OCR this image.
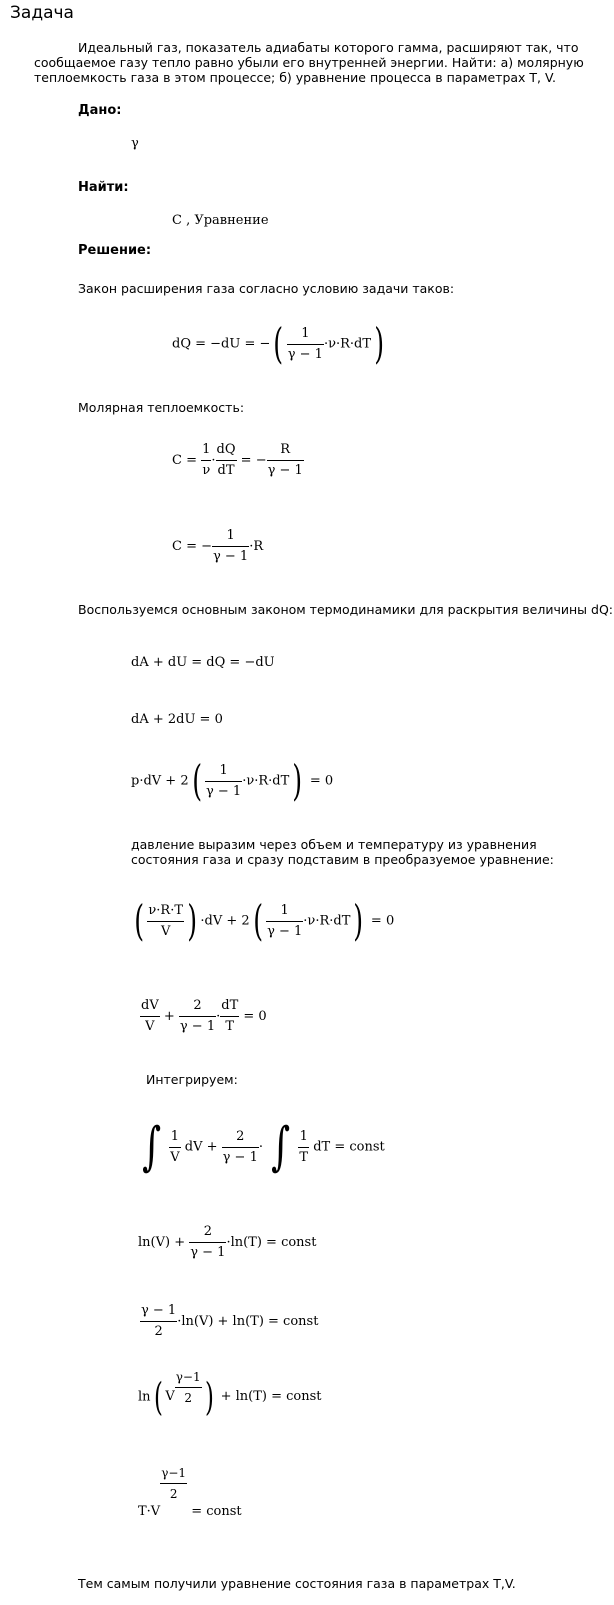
Задача
Идеальный газ, показатель адиабаты которого гамма, расширяют так, что сообщаемое газу тепло равно убыли его внутренней энергии. Найти: а) молярную теплоемкость газа в этом процессе; б) уравнение процесса в параметрах T, V.
Дано:
γ
Найти:
C , Уравнение
Решение:
Закон расширения газа согласно условию задачи таков:
dQ = −dU = −( $\frac{1}{\gamma - 1} \cdot\nu\cdot R\cdot dT$)
Молярная теплоемкость:
$C = \frac{1}{\nu} \cdot \frac{dQ}{dT}$ = − $\frac{R}{\gamma - 1}$
C = − $\frac{1}{\gamma - 1} \cdot R$
Воспользуемся основным законом термодинамики для раскрытия величины dQ:
dA + dU = dQ = −dU
dA + 2dU = 0
$p\cdot dV + 2( \frac{1}{\gamma - 1} \cdot\nu\cdot R\cdot dT) = 0$
давление выразим через объем и температуру из уравнения
состояния газа и сразу подставим в преобразуемое уравнение:
( $\frac{\nu\cdot R\cdot T}{V}$ ) $\cdot dV + 2( \frac{1}{\gamma - 1} \cdot\nu\cdot R\cdot dT) = 0$
$\frac{dV}{V} + \frac{2}{\gamma - 1} \cdot \frac{dT}{T} = 0$
Интегрируем:
∫ $\frac{1}{V}$ dV + $\frac{2}{\gamma - 1}$ · ∫ $\frac{1}{T}$ dT = const
$\ln(V) + \frac{2}{\gamma - 1} \cdot\ln(T)$ = const
$\frac{\gamma - 1}{2} \cdot\ln(V) + \ln(T)$ = const
ln( V $\frac{\gamma-1}{2}$ ) + ln(T) = const
T·V
$\frac{\gamma-1}{2}$
= const
Тем самым получили уравнение состояния газа в параметрах T,V.
